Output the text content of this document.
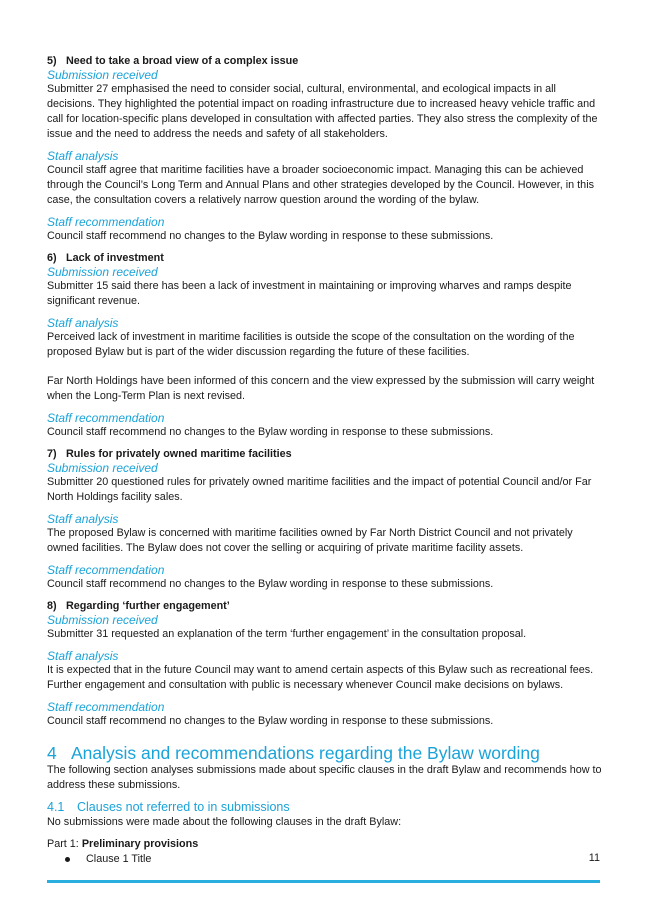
5) Need to take a broad view of a complex issue

Submission received

Submitter 27 emphasised the need to consider social, cultural, environmental, and ecological impacts in all decisions. They highlighted the potential impact on roading infrastructure due to increased heavy vehicle traffic and call for location-specific plans developed in consultation with affected parties. They also stress the complexity of the issue and the need to address the needs and safety of all stakeholders.

Staff analysis

Council staff agree that maritime facilities have a broader socioeconomic impact. Managing this can be achieved through the Council’s Long Term and Annual Plans and other strategies developed by the Council. However, in this case, the consultation covers a relatively narrow question around the wording of the bylaw.

Staff recommendation

Council staff recommend no changes to the Bylaw wording in response to these submissions.

6) Lack of investment

Submission received

Submitter 15 said there has been a lack of investment in maintaining or improving wharves and ramps despite significant revenue.

Staff analysis

Perceived lack of investment in maritime facilities is outside the scope of the consultation on the wording of the proposed Bylaw but is part of the wider discussion regarding the future of these facilities.

Far North Holdings have been informed of this concern and the view expressed by the submission will carry weight when the Long-Term Plan is next revised.

Staff recommendation

Council staff recommend no changes to the Bylaw wording in response to these submissions.

7) Rules for privately owned maritime facilities

Submission received

Submitter 20 questioned rules for privately owned maritime facilities and the impact of potential Council and/or Far North Holdings facility sales.

Staff analysis

The proposed Bylaw is concerned with maritime facilities owned by Far North District Council and not privately owned facilities. The Bylaw does not cover the selling or acquiring of private maritime facility assets.

Staff recommendation

Council staff recommend no changes to the Bylaw wording in response to these submissions.

8) Regarding ‘further engagement’

Submission received

Submitter 31 requested an explanation of the term ‘further engagement’ in the consultation proposal.

Staff analysis

It is expected that in the future Council may want to amend certain aspects of this Bylaw such as recreational fees. Further engagement and consultation with public is necessary whenever Council make decisions on bylaws.

Staff recommendation

Council staff recommend no changes to the Bylaw wording in response to these submissions.

4 Analysis and recommendations regarding the Bylaw wording

The following section analyses submissions made about specific clauses in the draft Bylaw and recommends how to address these submissions.

4.1 Clauses not referred to in submissions

No submissions were made about the following clauses in the draft Bylaw:

Part 1: Preliminary provisions

Clause 1 Title	11
